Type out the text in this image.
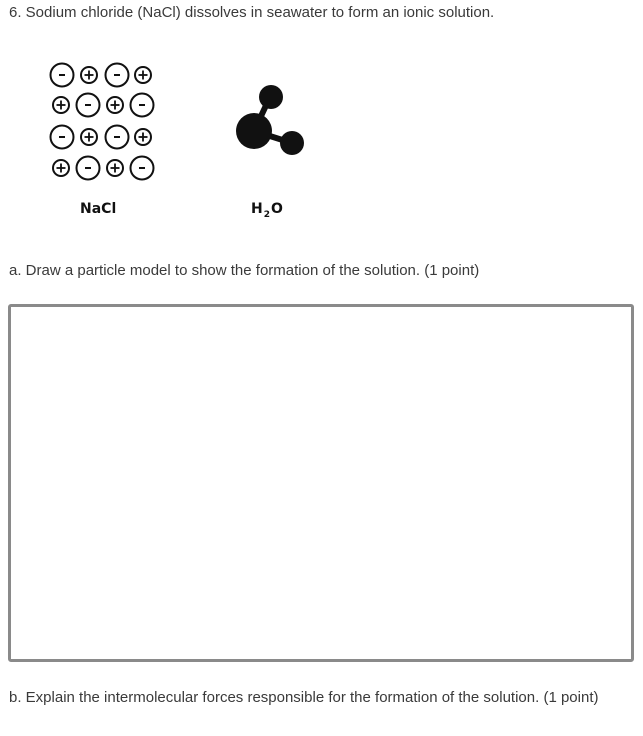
6. Sodium chloride (NaCl) dissolves in seawater to form an ionic solution.
NaCl	$H_2O$
a. Draw a particle model to show the formation of the solution. (1 point)
b. Explain the intermolecular forces responsible for the formation of the solution. (1 point)
